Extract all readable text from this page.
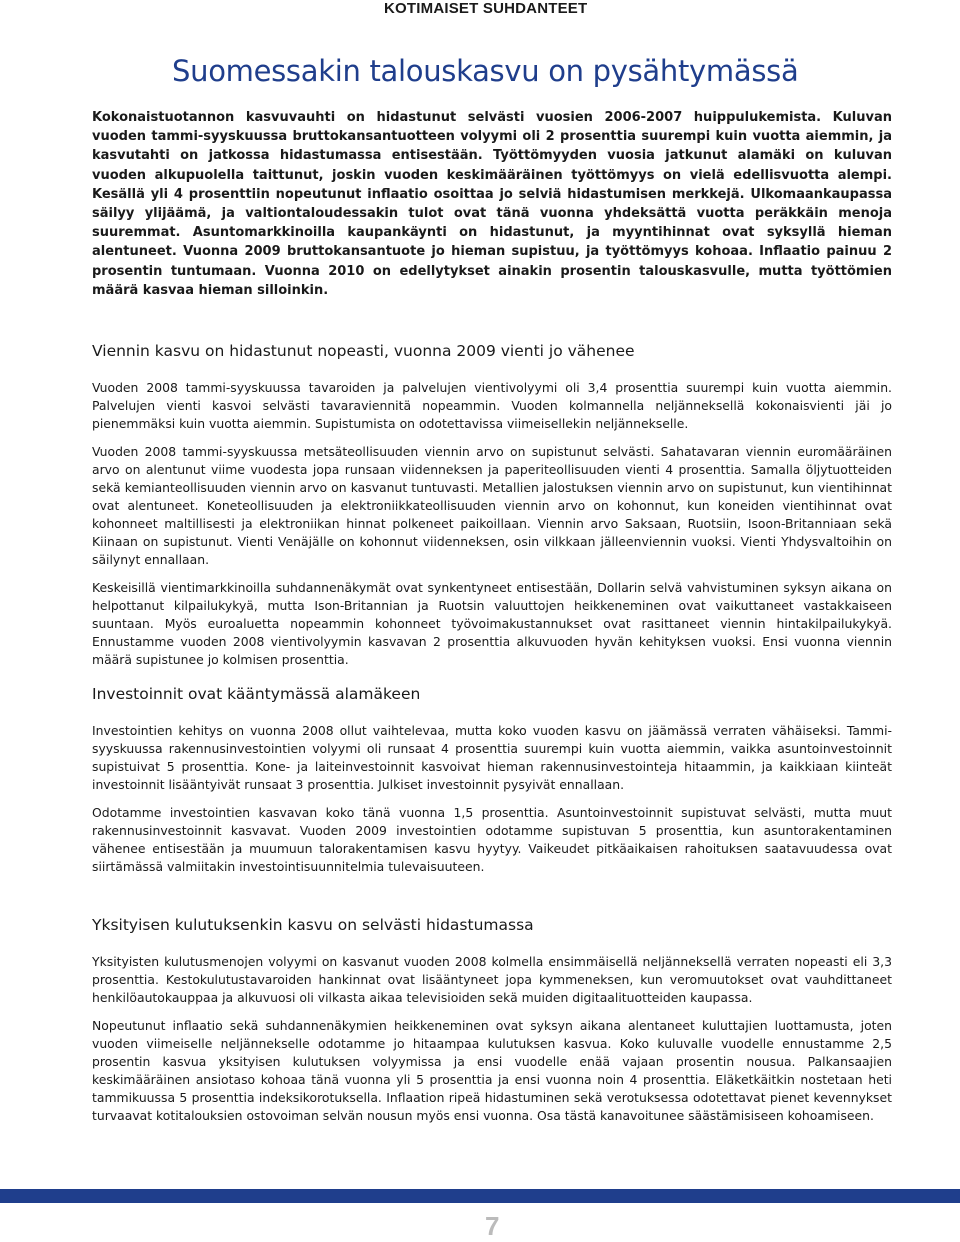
KOTIMAISET SUHDANTEET
Suomessakin talouskasvu on pysähtymässä

Kokonaistuotannon kasvuvauhti on hidastunut selvästi vuosien 2006-2007 huippulukemista. Kuluvan vuoden tammi-syyskuussa bruttokansantuotteen volyymi oli 2 prosenttia suurempi kuin vuotta aiemmin, ja kasvutahti on jatkossa hidastumassa entisestään. Työttömyyden vuosia jatkunut alamäki on kuluvan vuoden alkupuolella taittunut, joskin vuoden keskimääräinen työttömyys on vielä edellisvuotta alempi. Kesällä yli 4 prosenttiin nopeutunut inflaatio osoittaa jo selviä hidastumisen merkkejä. Ulkomaankaupassa säilyy ylijäämä, ja valtiontaloudessakin tulot ovat tänä vuonna yhdeksättä vuotta peräkkäin menoja suuremmat. Asuntomarkkinoilla kaupankäynti on hidastunut, ja myyntihinnat ovat syksyllä hieman alentuneet. Vuonna 2009 bruttokansantuote jo hieman supistuu, ja työttömyys kohoaa. Inflaatio painuu 2 prosentin tuntumaan. Vuonna 2010 on edellytykset ainakin prosentin talouskasvulle, mutta työttömien määrä kasvaa hieman silloinkin.

Viennin kasvu on hidastunut nopeasti, vuonna 2009 vienti jo vähenee

Vuoden 2008 tammi-syyskuussa tavaroiden ja palvelujen vientivolyymi oli 3,4 prosenttia suurempi kuin vuotta aiemmin. Palvelujen vienti kasvoi selvästi tavaraviennitä nopeammin. Vuoden kolmannella neljänneksellä kokonaisvienti jäi jo pienemmäksi kuin vuotta aiemmin. Supistumista on odotettavissa viimeisellekin neljännekselle.

Vuoden 2008 tammi-syyskuussa metsäteollisuuden viennin arvo on supistunut selvästi. Sahatavaran viennin euromääräinen arvo on alentunut viime vuodesta jopa runsaan viidenneksen ja paperiteollisuuden vienti 4 prosenttia. Samalla öljytuotteiden sekä kemianteollisuuden viennin arvo on kasvanut tuntuvasti. Metallien jalostuksen viennin arvo on supistunut, kun vientihinnat ovat alentuneet. Koneteollisuuden ja elektroniikkateollisuuden viennin arvo on kohonnut, kun koneiden vientihinnat ovat kohonneet maltillisesti ja elektroniikan hinnat polkeneet paikoillaan. Viennin arvo Saksaan, Ruotsiin, Isoon-Britanniaan sekä Kiinaan on supistunut. Vienti Venäjälle on kohonnut viidenneksen, osin vilkkaan jälleenviennin vuoksi. Vienti Yhdysvaltoihin on säilynyt ennallaan.

Keskeisillä vientimarkkinoilla suhdannenäkymät ovat synkentyneet entisestään, Dollarin selvä vahvistuminen syksyn aikana on helpottanut kilpailukykyä, mutta Ison-Britannian ja Ruotsin valuuttojen heikkeneminen ovat vaikuttaneet vastakkaiseen suuntaan. Myös euroaluetta nopeammin kohonneet työvoimakustannukset ovat rasittaneet viennin hintakilpailukykyä. Ennustamme vuoden 2008 vientivolyymin kasvavan 2 prosenttia alkuvuoden hyvän kehityksen vuoksi. Ensi vuonna viennin määrä supistunee jo kolmisen prosenttia.

Investoinnit ovat kääntymässä alamäkeen

Investointien kehitys on vuonna 2008 ollut vaihtelevaa, mutta koko vuoden kasvu on jäämässä verraten vähäiseksi. Tammi-syyskuussa rakennusinvestointien volyymi oli runsaat 4 prosenttia suurempi kuin vuotta aiemmin, vaikka asuntoinvestoinnit supistuivat 5 prosenttia. Kone- ja laiteinvestoinnit kasvoivat hieman rakennusinvestointeja hitaammin, ja kaikkiaan kiinteät investoinnit lisääntyivät runsaat 3 prosenttia. Julkiset investoinnit pysyivät ennallaan.

Odotamme investointien kasvavan koko tänä vuonna 1,5 prosenttia. Asuntoinvestoinnit supistuvat selvästi, mutta muut rakennusinvestoinnit kasvavat. Vuoden 2009 investointien odotamme supistuvan 5 prosenttia, kun asuntorakentaminen vähenee entisestään ja muumuun talorakentamisen kasvu hyytyy. Vaikeudet pitkäaikaisen rahoituksen saatavuudessa ovat siirtämässä valmiitakin investointisuunnitelmia tulevaisuuteen.

Yksityisen kulutuksenkin kasvu on selvästi hidastumassa

Yksityisten kulutusmenojen volyymi on kasvanut vuoden 2008 kolmella ensimmäisellä neljänneksellä verraten nopeasti eli 3,3 prosenttia. Kestokulutustavaroiden hankinnat ovat lisääntyneet jopa kymmeneksen, kun veromuutokset ovat vauhdittaneet henkilöautokauppaa ja alkuvuosi oli vilkasta aikaa televisioiden sekä muiden digitaalituotteiden kaupassa.

Nopeutunut inflaatio sekä suhdannenäkymien heikkeneminen ovat syksyn aikana alentaneet kuluttajien luottamusta, joten vuoden viimeiselle neljännekselle odotamme jo hitaampaa kulutuksen kasvua. Koko kuluvalle vuodelle ennustamme 2,5 prosentin kasvua yksityisen kulutuksen volyymissa ja ensi vuodelle enää vajaan prosentin nousua. Palkansaajien keskimääräinen ansiotaso kohoaa tänä vuonna yli 5 prosenttia ja ensi vuonna noin 4 prosenttia. Eläketkäitkin nostetaan heti tammikuussa 5 prosenttia indeksikorotuksella. Inflaation ripeä hidastuminen sekä verotuksessa odotettavat pienet kevennykset turvaavat kotitalouksien ostovoiman selvän nousun myös ensi vuonna. Osa tästä kanavoitunee säästämisiseen kohoamiseen.

7
